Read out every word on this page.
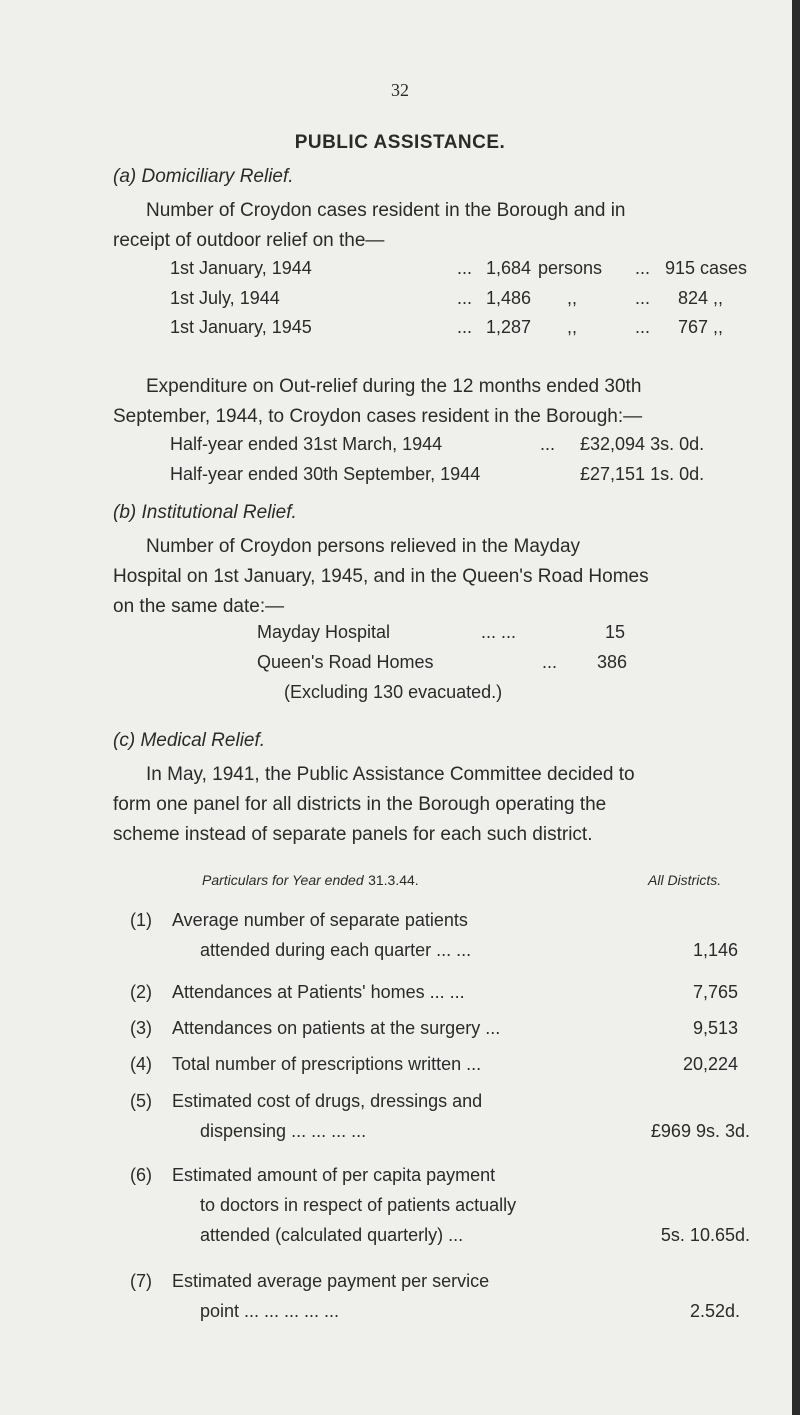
32
PUBLIC ASSISTANCE.
(a) Domiciliary Relief.
Number of Croydon cases resident in the Borough and in
receipt of outdoor relief on the—
1st January, 1944	... 1,684 persons ... 915 cases
1st July, 1944	... 1,486 ,,	... 824 ,,
1st January, 1945	... 1,287 ,,	... 767 ,,
Expenditure on Out-relief during the 12 months ended 30th
September, 1944, to Croydon cases resident in the Borough:—
Half-year ended 31st March, 1944	... £32,094 3s. 0d.
Half-year ended 30th September, 1944	£27,151 1s. 0d.
(b) Institutional Relief.
Number of Croydon persons relieved in the Mayday
Hospital on 1st January, 1945, and in the Queen's Road Homes
on the same date:—
Mayday Hospital	... ...	15
Queen's Road Homes	... 386
(Excluding 130 evacuated.)
(c) Medical Relief.
In May, 1941, the Public Assistance Committee decided to
form one panel for all districts in the Borough operating the
scheme instead of separate panels for each such district.
Particulars for Year ended 31.3.44.	All Districts.
(1) Average number of separate patients
attended during each quarter ... ...	1,146
(2) Attendances at Patients' homes ... ...	7,765
(3) Attendances on patients at the surgery ...	9,513
(4) Total number of prescriptions written ...	20,224
(5) Estimated cost of drugs, dressings and
dispensing ... ... ... ...	£969 9s. 3d.
(6) Estimated amount of per capita payment
to doctors in respect of patients actually
attended (calculated quarterly) ...	5s. 10.65d.
(7) Estimated average payment per service
point ... ... ... ... ...	2.52d.
